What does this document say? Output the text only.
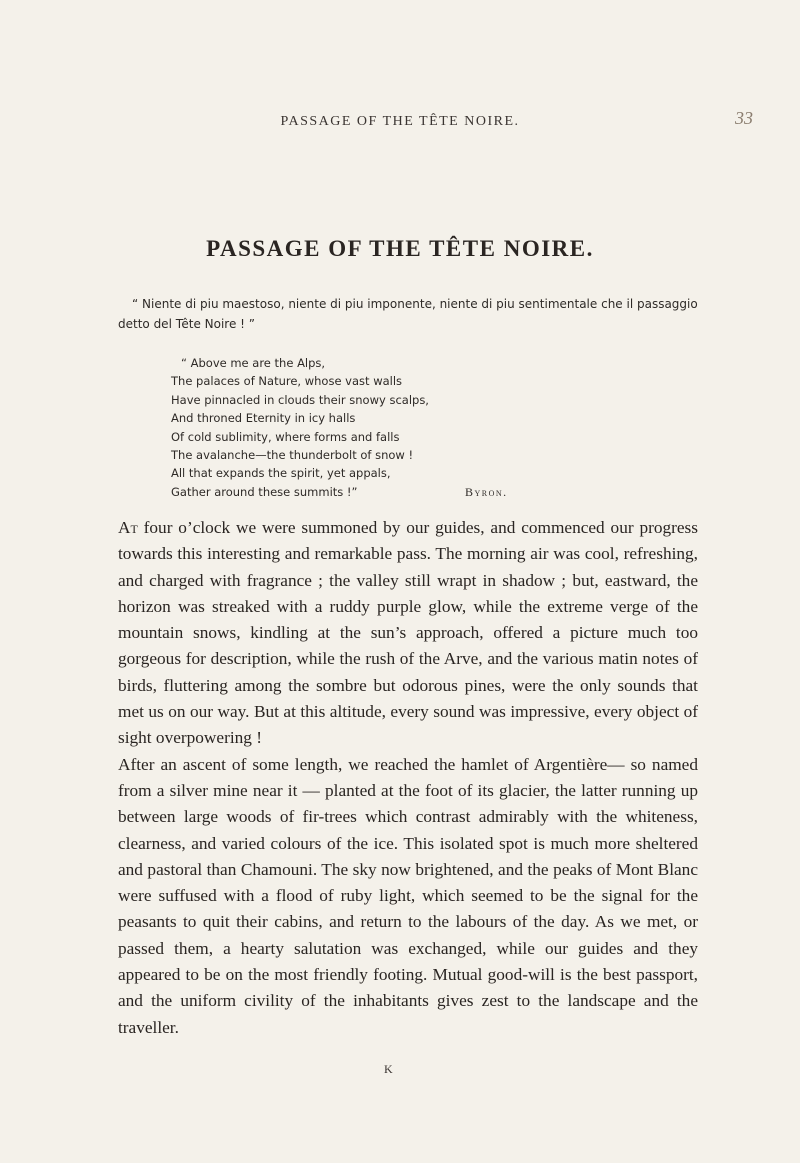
PASSAGE OF THE TÊTE NOIRE.	33
PASSAGE OF THE TÊTE NOIRE.
“ Niente di piu maestoso, niente di piu imponente, niente di piu sentimentale che il passaggio detto del Tête Noire ! ”
“ Above me are the Alps,
The palaces of Nature, whose vast walls
Have pinnacled in clouds their snowy scalps,
And throned Eternity in icy halls
Of cold sublimity, where forms and falls
The avalanche—the thunderbolt of snow !
All that expands the spirit, yet appals,
Gather around these summits !”	Byron.

At four o’clock we were summoned by our guides, and commenced our progress towards this interesting and remarkable pass. The morning air was cool, refreshing, and charged with fragrance ; the valley still wrapt in shadow ; but, eastward, the horizon was streaked with a ruddy purple glow, while the extreme verge of the mountain snows, kindling at the sun’s approach, offered a picture much too gorgeous for description, while the rush of the Arve, and the various matin notes of birds, fluttering among the sombre but odorous pines, were the only sounds that met us on our way. But at this altitude, every sound was impressive, every object of sight overpowering !

After an ascent of some length, we reached the hamlet of Argentière— so named from a silver mine near it — planted at the foot of its glacier, the latter running up between large woods of fir-trees which contrast admirably with the whiteness, clearness, and varied colours of the ice. This isolated spot is much more sheltered and pastoral than Chamouni. The sky now brightened, and the peaks of Mont Blanc were suffused with a flood of ruby light, which seemed to be the signal for the peasants to quit their cabins, and return to the labours of the day. As we met, or passed them, a hearty salutation was exchanged, while our guides and they appeared to be on the most friendly footing. Mutual good-will is the best passport, and the uniform civility of the inhabitants gives zest to the landscape and the traveller.

K
